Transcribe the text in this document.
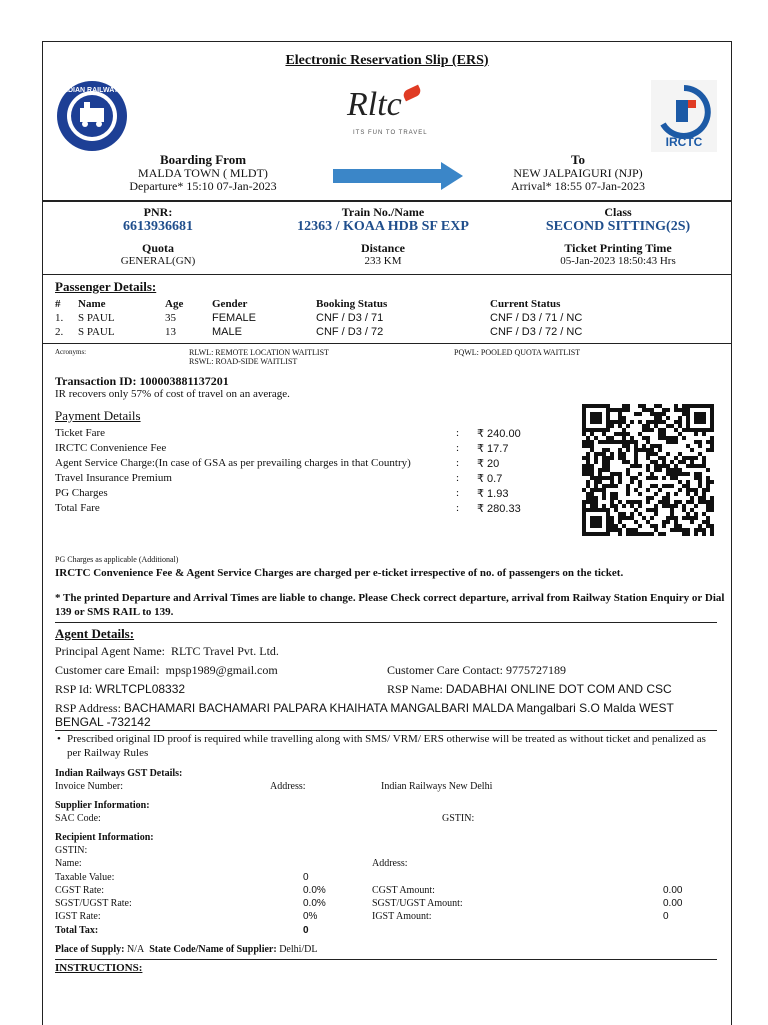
Electronic Reservation Slip (ERS)
INDIAN RAILWAYS	Rltc
ITS FUN TO TRAVEL
IRCTC
Boarding From
MALDA TOWN ( MLDT)
Departure* 15:10 07-Jan-2023
To
NEW JALPAIGURI (NJP)
Arrival* 18:55 07-Jan-2023
PNR:
6613936681
Train No./Name
12363 / KOAA HDB SF EXP
Class
SECOND SITTING(2S)
Quota
GENERAL(GN)
Distance
233 KM
Ticket Printing Time
05-Jan-2023 18:50:43 Hrs
Passenger Details:
# Name	Age	Gender	Booking Status	Current Status
1. S PAUL	35	FEMALE	CNF / D3 / 71	CNF / D3 / 71 / NC
2. S PAUL	13	MALE	CNF / D3 / 72	CNF / D3 / 72 / NC
Acronyms:	RLWL: REMOTE LOCATION WAITLIST
RSWL: ROAD-SIDE WAITLIST
PQWL: POOLED QUOTA WAITLIST
Transaction ID: 100003881137201
IR recovers only 57% of cost of travel on an average.
Payment Details
Ticket Fare	: ₹ 240.00
IRCTC Convenience Fee	: ₹ 17.7
Agent Service Charge:(In case of GSA as per prevailing charges in that Country)	: ₹ 20
Travel Insurance Premium	: ₹ 0.7
PG Charges	: ₹ 1.93
Total Fare	: ₹ 280.33
PG Charges as applicable (Additional)
IRCTC Convenience Fee & Agent Service Charges are charged per e-ticket irrespective of no. of passengers on the ticket.
* The printed Departure and Arrival Times are liable to change. Please Check correct departure, arrival from Railway Station Enquiry or Dial 139 or SMS RAIL to 139.
Agent Details:
Principal Agent Name: RLTC Travel Pvt. Ltd.
Customer care Email: mpsp1989@gmail.com	Customer Care Contact: 9775727189
RSP Id: WRLTCPL08332	RSP Name: DADABHAI ONLINE DOT COM AND CSC
RSP Address: BACHAMARI BACHAMARI PALPARA KHAIHATA MANGALBARI MALDA Mangalbari S.O Malda WEST BENGAL -732142
• Prescribed original ID proof is required while travelling along with SMS/ VRM/ ERS otherwise will be treated as without ticket and penalized as per Railway Rules
Indian Railways GST Details:
Invoice Number:	Address:	Indian Railways New Delhi
Supplier Information:
SAC Code:	GSTIN:
Recipient Information:
GSTIN:
Name:	Address:
Taxable Value:	0
CGST Rate:	0.0%	CGST Amount:	0.00
SGST/UGST Rate:	0.0%	SGST/UGST Amount:	0.00
IGST Rate:	0%	IGST Amount:	0
Total Tax:	0
Place of Supply: N/A State Code/Name of Supplier: Delhi/DL
INSTRUCTIONS:
